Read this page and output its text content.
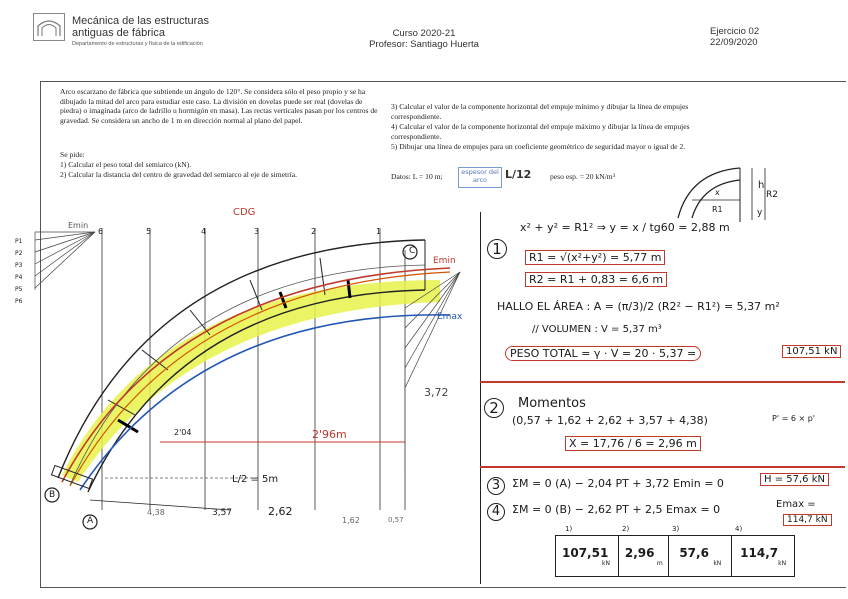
Mecánica de las estructuras
antiguas de fábrica
Departamento de estructuras y física de la edificación
Curso 2020-21
Profesor: Santiago Huerta
Ejercicio 02
22/09/2020
Arco escarzano de fábrica que subtiende un ángulo de 120°. Se considera sólo el peso propio y se ha dibujado la mitad del arco para estudiar este caso. La división en dovelas puede ser real (dovelas de piedra) o imaginada (arco de ladrillo u hormigón en masa). Las rectas verticales pasan por los centros de gravedad. Se considera un ancho de 1 m en dirección normal al plano del papel.
Se pide:
1) Calcular el peso total del semiarco (kN).
2) Calcular la distancia del centro de gravedad del semiarco al eje de simetría.
3) Calcular el valor de la componente horizontal del empuje mínimo y dibujar la línea de empujes correspondiente.
4) Calcular el valor de la componente horizontal del empuje máximo y dibujar la línea de empujes correspondiente.
5) Dibujar una línea de empujes para un coeficiente geométrico de seguridad mayor o igual de 2.
Datos: L = 10 m;	espesor del arco	L/12 peso esp. = 20 kN/m³
x
h
R1	y
R2
CDG
Emin
Emin
Emax
6	5	4	3	2	1
C
B
A
P1
P2
P3
P4
P5
P6
3,72
2'96m
2'04
L/2 = 5m
4,38	3,57	2,62
1,62	0,57
1
x² + y² = R1² ⇒ y = x / tg60 = 2,88 m
R1 = √(x²+y²) = 5,77 m
R2 = R1 + 0,83 = 6,6 m
HALLO EL ÁREA : A = (π/3)/2 (R2² − R1²) = 5,37 m²
// VOLUMEN : V = 5,37 m³
PESO TOTAL = γ · V = 20 · 5,37 =	107,51 kN
2	Momentos
(0,57 + 1,62 + 2,62 + 3,57 + 4,38)	P' = 6 × p'
X = 17,76 / 6 = 2,96 m
3	ΣM = 0 (A) − 2,04 PT + 3,72 Emin = 0	H = 57,6 kN
4	ΣM = 0 (B) − 2,62 PT + 2,5 Emax = 0	Emax =
114,7 kN
107,51
kN
2,96
m
57,6
kN
114,7
kN
1)	2)	3)	4)
